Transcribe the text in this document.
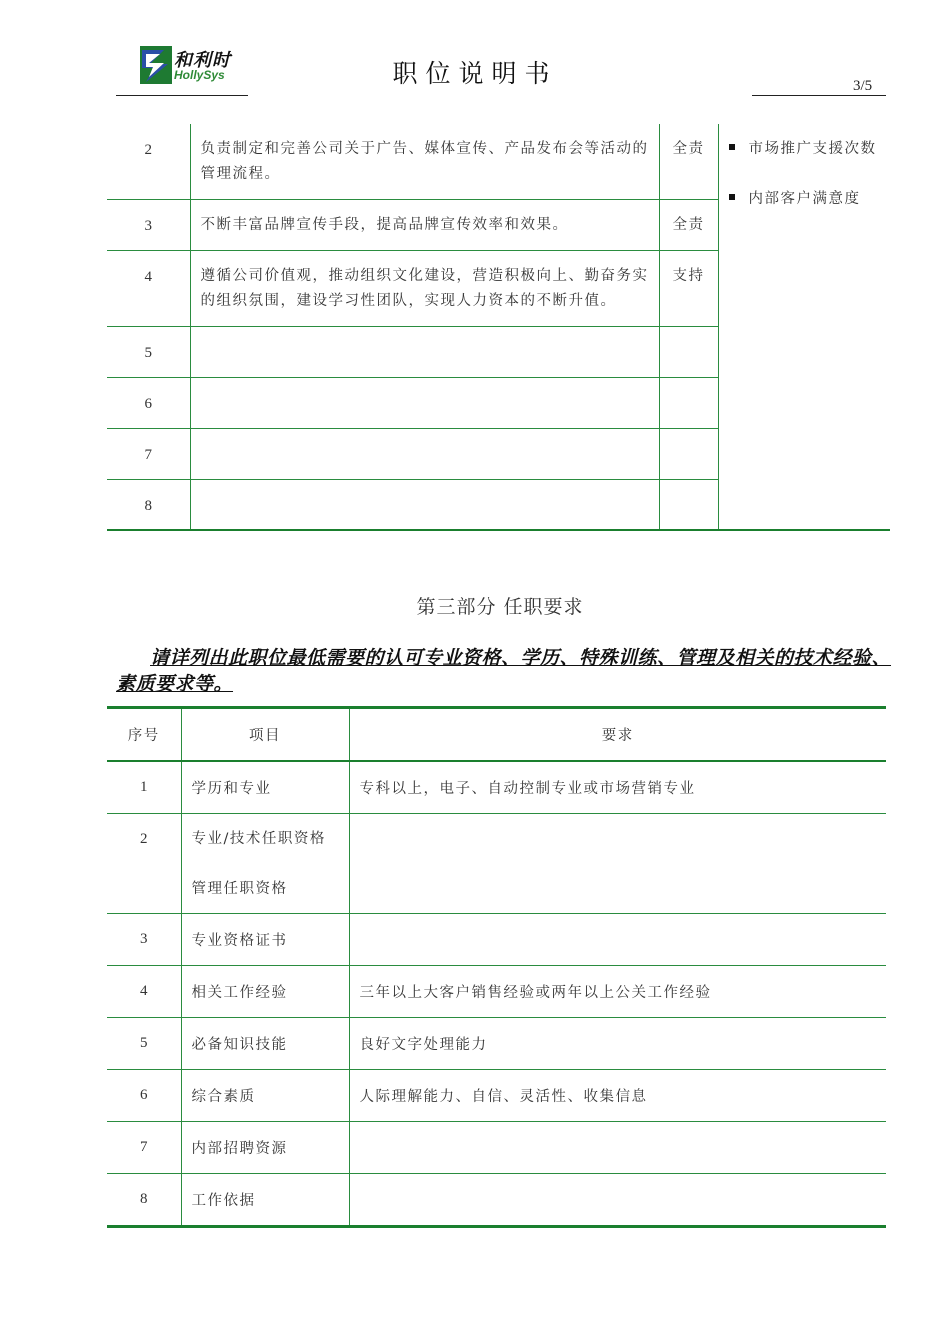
和利时
HollySys	职位说明书	3/5
2	负责制定和完善公司关于广告、媒体宣传、产品发布会等活动的管理流程。	全责	市场推广支援次数
内部客户满意度

3	不断丰富品牌宣传手段，提高品牌宣传效率和效果。	全责	
4	遵循公司价值观，推动组织文化建设，营造积极向上、勤奋务实的组织氛围，建设学习性团队，实现人力资本的不断升值。	支持	
5			
6			
7			
8			
第三部分 任职要求
请详列出此职位最低需要的认可专业资格、学历、特殊训练、管理及相关的技术经验、素质要求等。
序号	项目	要求
1	学历和专业	专科以上，电子、自动控制专业或市场营销专业
2	专业/技术任职资格
管理任职资格	

3	专业资格证书	
4	相关工作经验	三年以上大客户销售经验或两年以上公关工作经验
5	必备知识技能	良好文字处理能力
6	综合素质	人际理解能力、自信、灵活性、收集信息
7	内部招聘资源	
8	工作依据	
